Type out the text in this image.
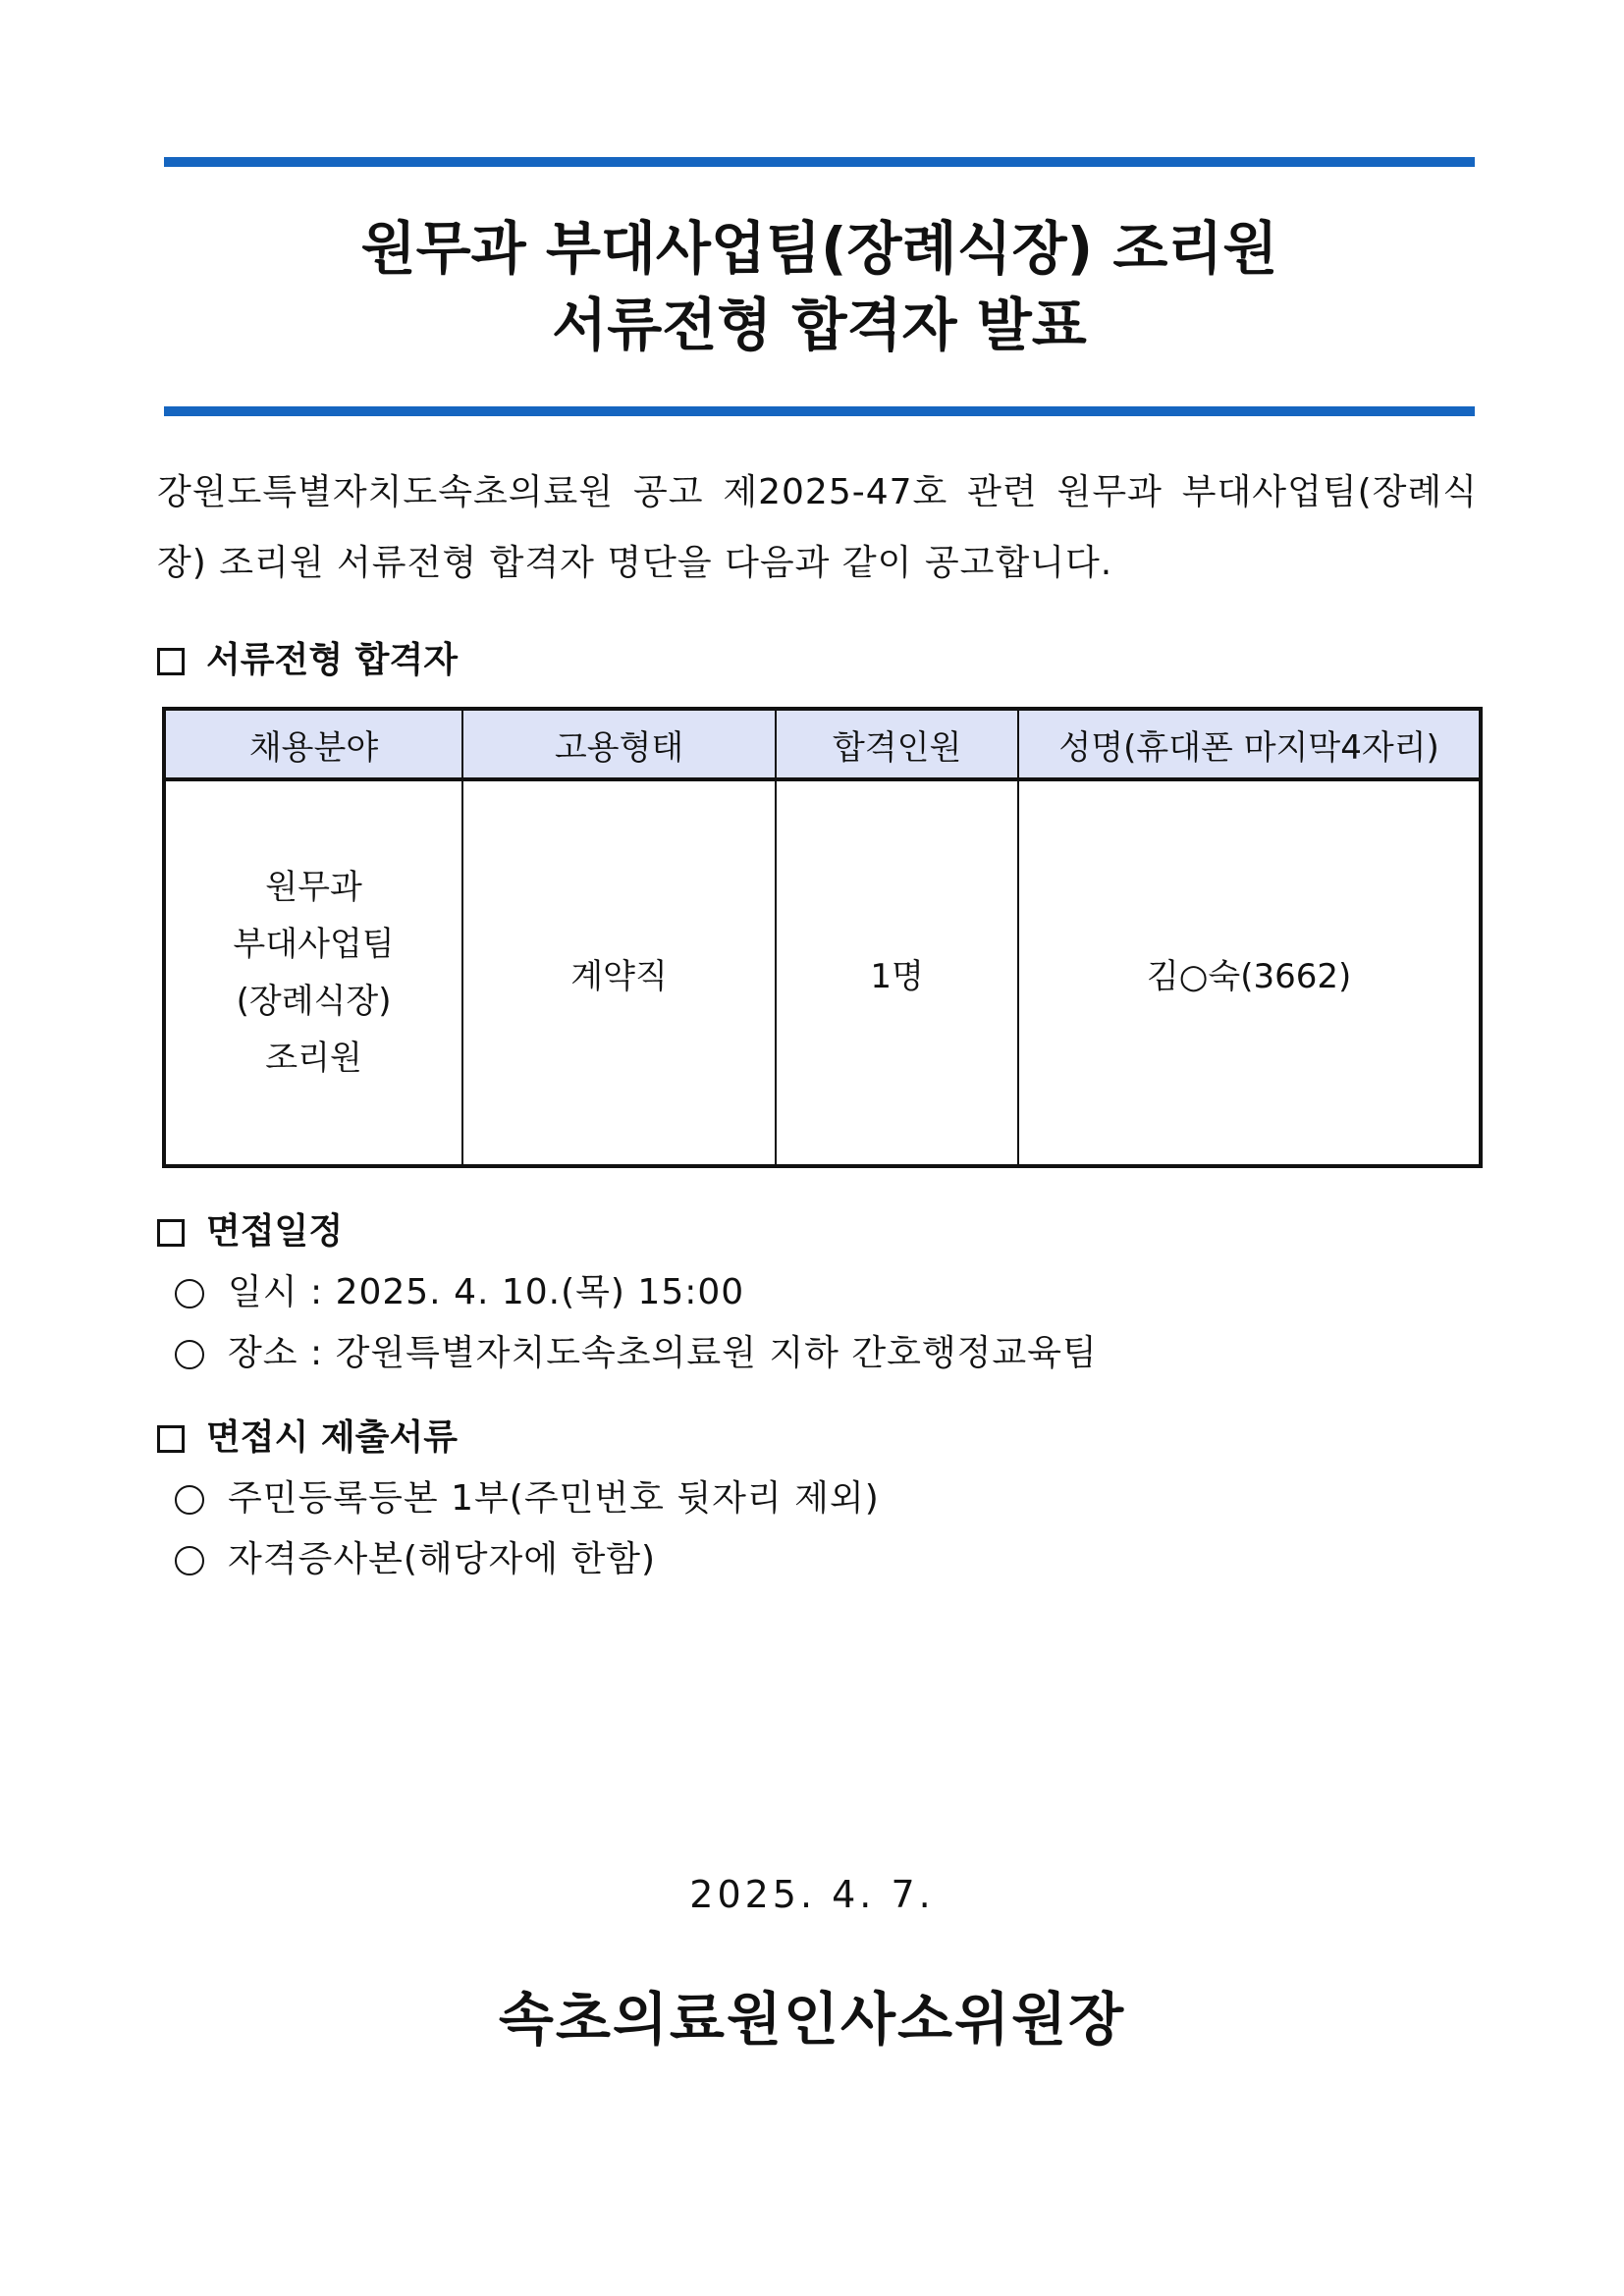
원무과 부대사업팀(장례식장) 조리원
서류전형 합격자 발표
강원도특별자치도속초의료원 공고 제2025-47호 관련 원무과 부대사업팀(장례식장) 조리원 서류전형 합격자 명단을 다음과 같이 공고합니다.
서류전형 합격자
채용분야	고용형태	합격인원	성명(휴대폰 마지막4자리)

원무과
부대사업팀
(장례식장)
조리원	계약직	1명	김○숙(3662)
면접일정
일시 : 2025. 4. 10.(목) 15:00
장소 : 강원특별자치도속초의료원 지하 간호행정교육팀
면접시 제출서류
주민등록등본 1부(주민번호 뒷자리 제외)
자격증사본(해당자에 한함)
2025. 4. 7.
속초의료원인사소위원장
